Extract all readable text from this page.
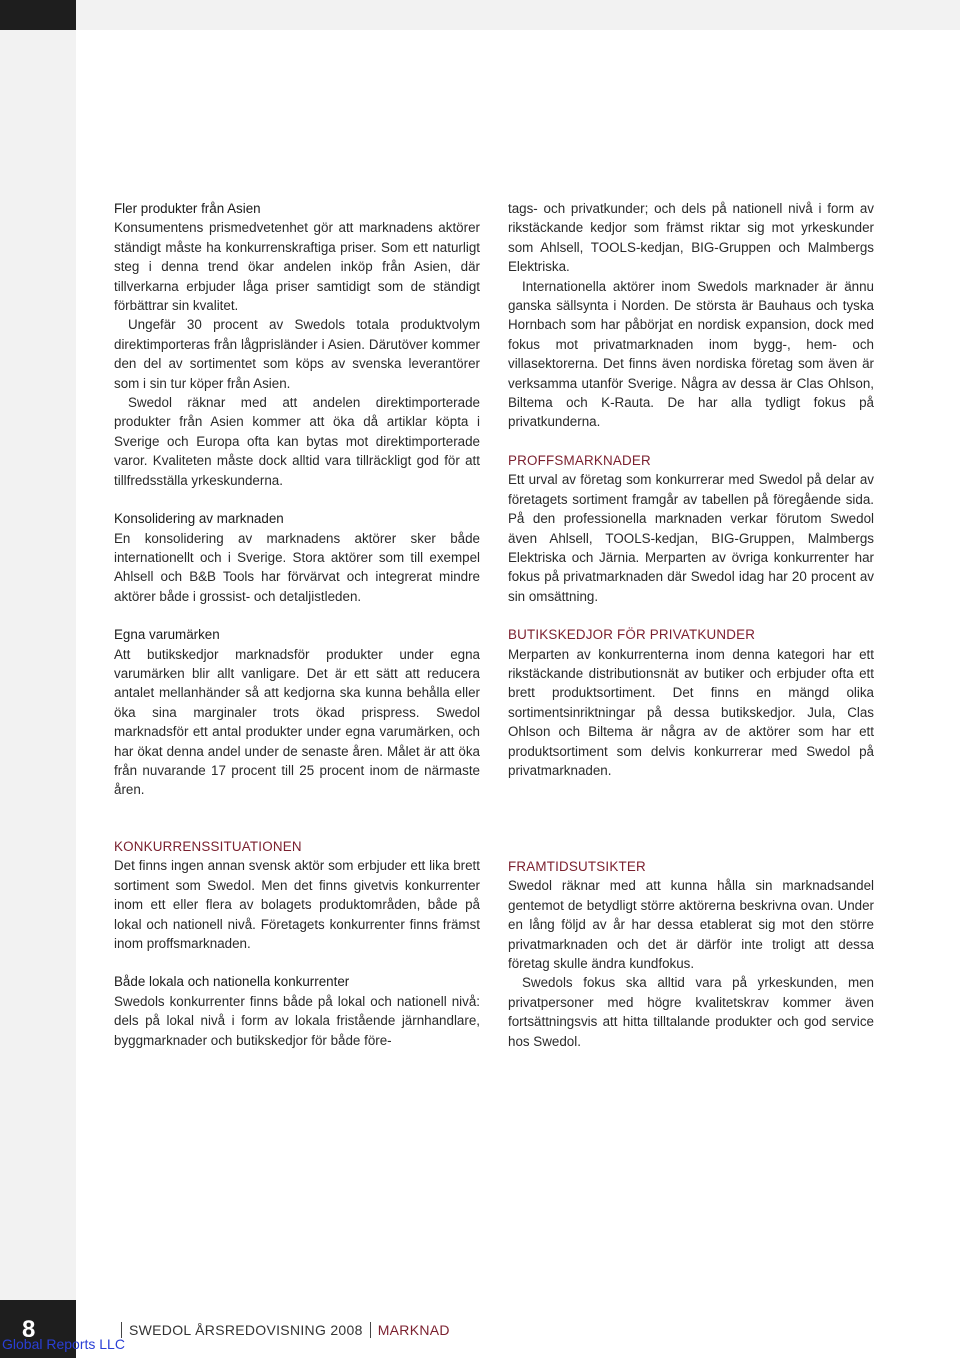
Fler produkter från Asien

Konsumentens prismedvetenhet gör att marknadens aktörer ständigt måste ha konkurrenskraftiga priser. Som ett naturligt steg i denna trend ökar andelen inköp från Asien, där tillverkarna erbjuder låga priser samtidigt som de ständigt förbättrar sin kvalitet.

Ungefär 30 procent av Swedols totala produktvolym direktimporteras från lågprisländer i Asien. Därutöver kommer den del av sortimentet som köps av svenska leverantörer som i sin tur köper från Asien.

Swedol räknar med att andelen direktimporterade produkter från Asien kommer att öka då artiklar köpta i Sverige och Europa ofta kan bytas mot direktimporterade varor. Kvaliteten måste dock alltid vara tillräckligt god för att tillfredsställa yrkeskunderna.

Konsolidering av marknaden

En konsolidering av marknadens aktörer sker både internationellt och i Sverige. Stora aktörer som till exempel Ahlsell och B&B Tools har förvärvat och integrerat mindre aktörer både i grossist- och detaljistleden.

Egna varumärken

Att butikskedjor marknadsför produkter under egna varumärken blir allt vanligare. Det är ett sätt att reducera antalet mellanhänder så att kedjorna ska kunna behålla eller öka sina marginaler trots ökad prispress. Swedol marknadsför ett antal produkter under egna varumärken, och har ökat denna andel under de senaste åren. Målet är att öka från nuvarande 17 procent till 25 procent inom de närmaste åren.

KONKURRENSSITUATIONEN

Det finns ingen annan svensk aktör som erbjuder ett lika brett sortiment som Swedol. Men det finns givetvis konkurrenter inom ett eller flera av bolagets produktområden, både på lokal och nationell nivå. Företagets konkurrenter finns främst inom proffsmarknaden.

Både lokala och nationella konkurrenter

Swedols konkurrenter finns både på lokal och nationell nivå: dels på lokal nivå i form av lokala fristående järnhandlare, byggmarknader och butikskedjor för både före-

tags- och privatkunder; och dels på nationell nivå i form av rikstäckande kedjor som främst riktar sig mot yrkeskunder som Ahlsell, TOOLS-kedjan, BIG-Gruppen och Malmbergs Elektriska.

Internationella aktörer inom Swedols marknader är ännu ganska sällsynta i Norden. De största är Bauhaus och tyska Hornbach som har påbörjat en nordisk expansion, dock med fokus mot privatmarknaden inom bygg-, hem- och villasektorerna. Det finns även nordiska företag som även är verksamma utanför Sverige. Några av dessa är Clas Ohlson, Biltema och K-Rauta. De har alla tydligt fokus på privatkunderna.

PROFFSMARKNADER

Ett urval av företag som konkurrerar med Swedol på delar av företagets sortiment framgår av tabellen på föregående sida. På den professionella marknaden verkar förutom Swedol även Ahlsell, TOOLS-kedjan, BIG-Gruppen, Malmbergs Elektriska och Järnia. Merparten av övriga konkurrenter har fokus på privatmarknaden där Swedol idag har 20 procent av sin omsättning.

BUTIKSKEDJOR FÖR PRIVATKUNDER

Merparten av konkurrenterna inom denna kategori har ett rikstäckande distributionsnät av butiker och erbjuder ofta ett brett produktsortiment. Det finns en mängd olika sortimentsinriktningar på dessa butikskedjor. Jula, Clas Ohlson och Biltema är några av de aktörer som har ett produktsortiment som delvis konkurrerar med Swedol på privatmarknaden.

FRAMTIDSUTSIKTER

Swedol räknar med att kunna hålla sin marknadsandel gentemot de betydligt större aktörerna beskrivna ovan. Under en lång följd av år har dessa etablerat sig mot den större privatmarknaden och det är därför inte troligt att dessa företag skulle ändra kundfokus.

Swedols fokus ska alltid vara på yrkeskunden, men privatpersoner med högre kvalitetskrav kommer även fortsättningsvis att hitta tilltalande produkter och god service hos Swedol.

8	SWEDOL ÅRSREDOVISNING 2008 MARKNAD
Global Reports LLC
